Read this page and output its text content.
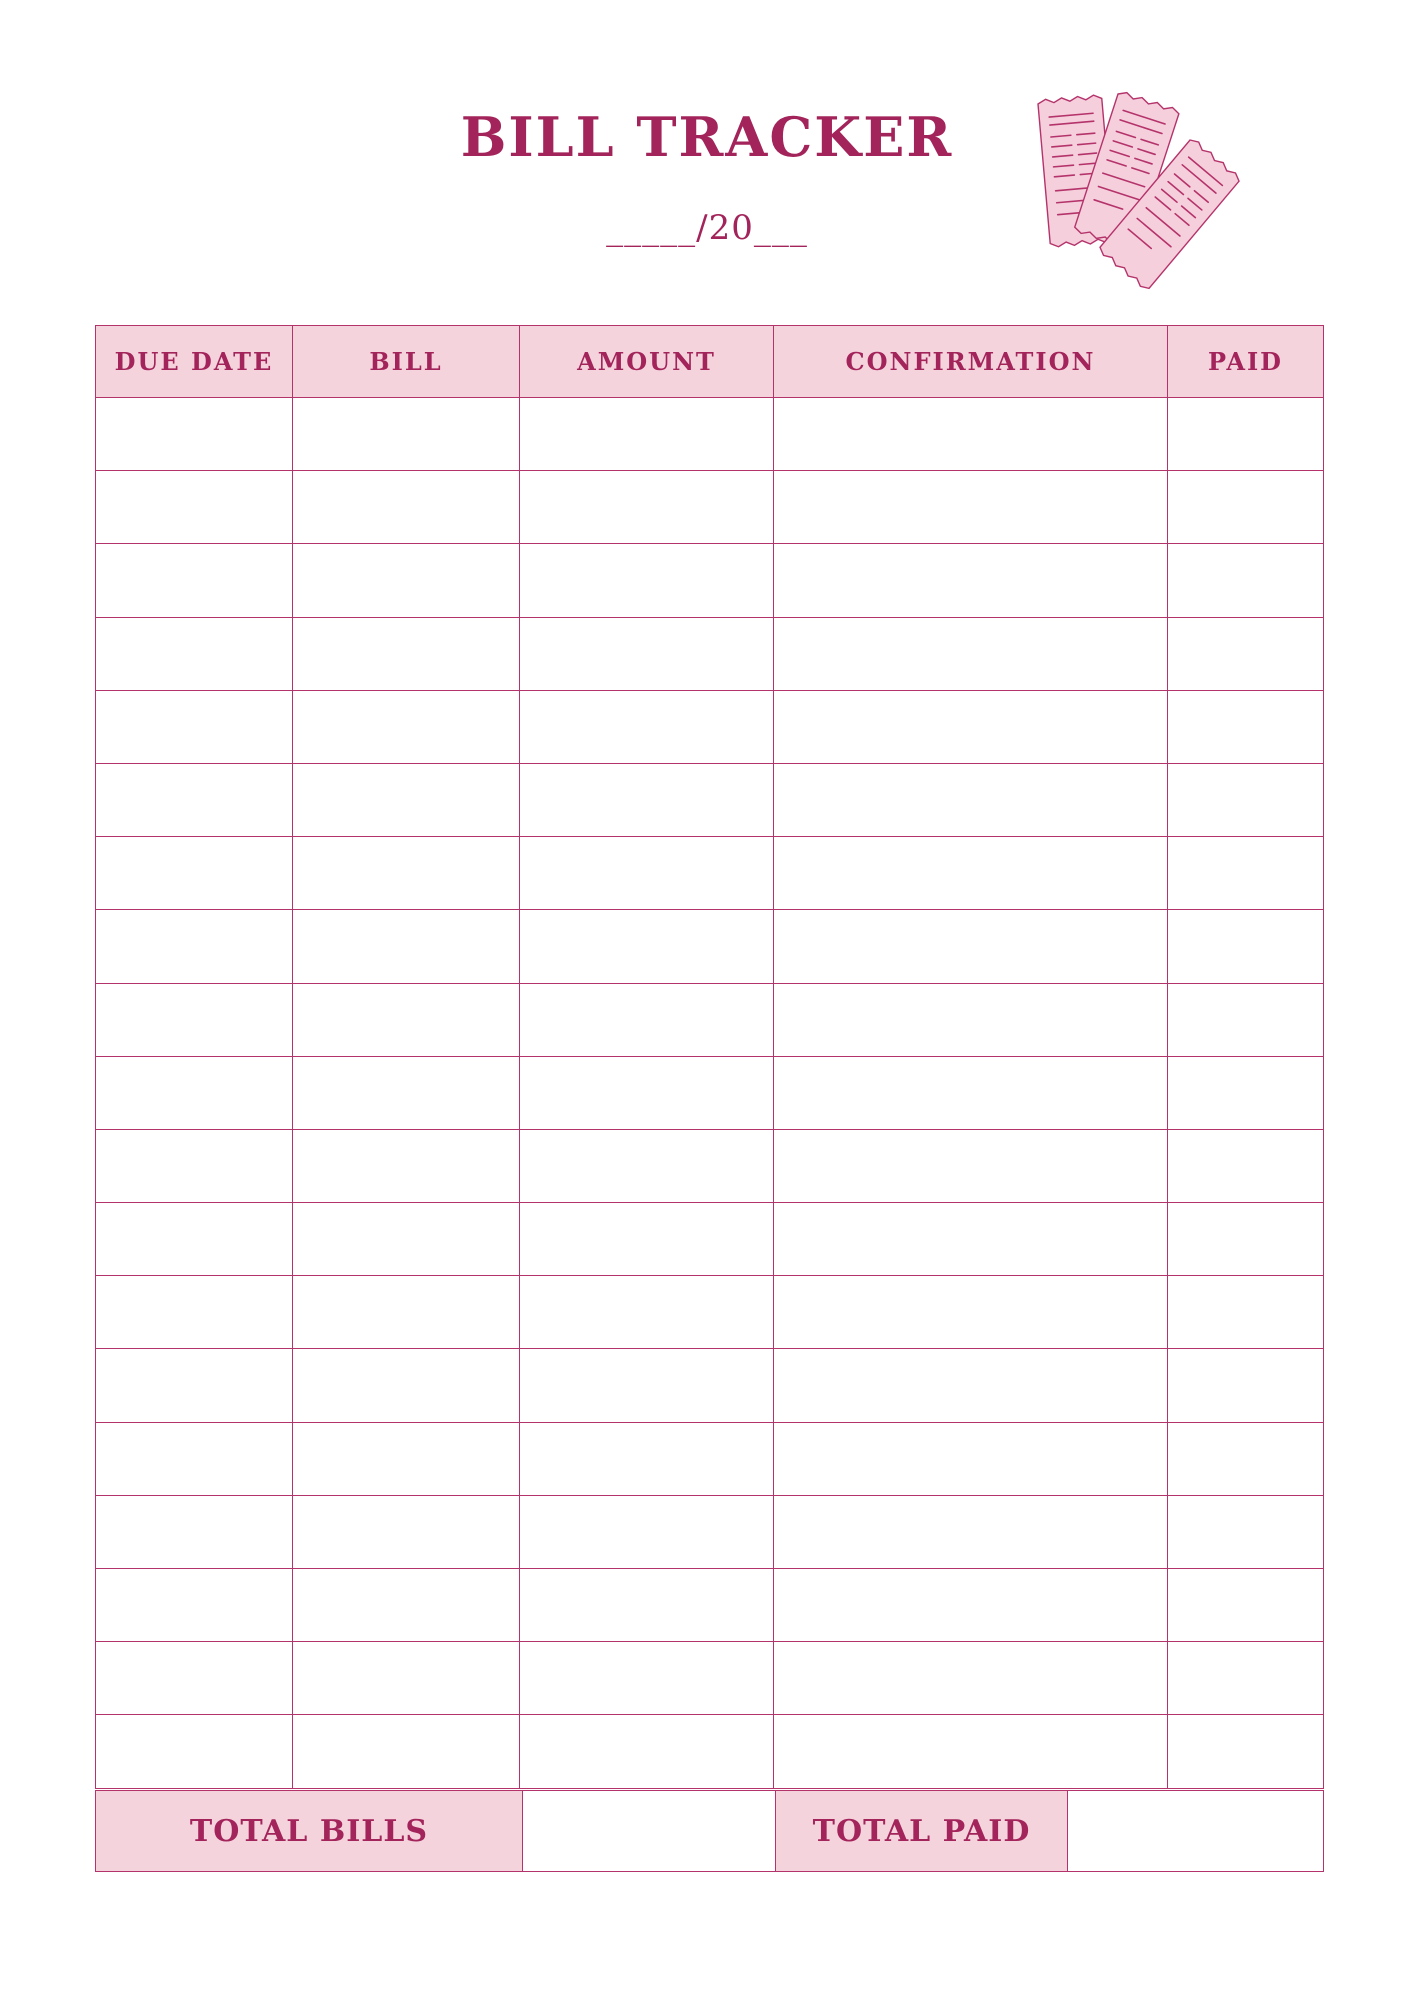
BILL TRACKER
_____/20___
DUE DATE	BILL	AMOUNT	CONFIRMATION	PAID

TOTAL BILLS		TOTAL PAID	
